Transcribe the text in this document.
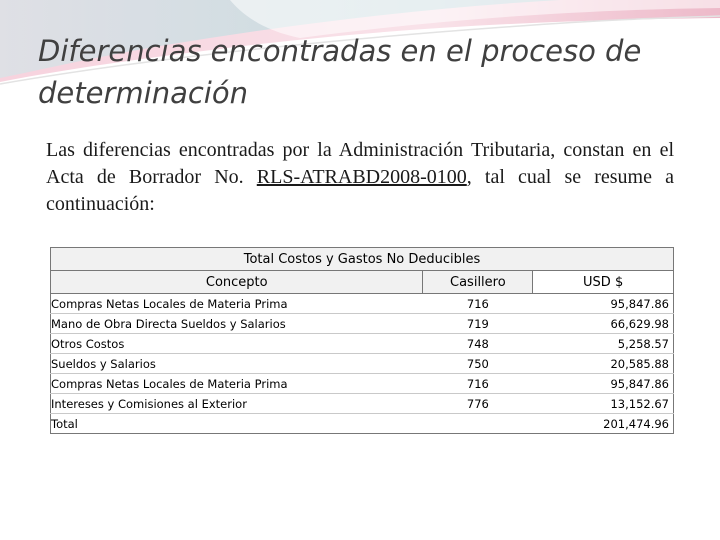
Diferencias encontradas en el proceso de determinación

Las diferencias encontradas por la Administración Tributaria, constan en el Acta de Borrador No. RLS-ATRABD2008-0100, tal cual se resume a continuación:

Total Costos y Gastos No Deducibles		
Concepto	Casillero	USD $
Compras Netas Locales de Materia Prima	716	95,847.86
Mano de Obra Directa Sueldos y Salarios	719	66,629.98
Otros Costos	748	5,258.57
Sueldos y Salarios	750	20,585.88
Compras Netas Locales de Materia Prima	716	95,847.86
Intereses y Comisiones al Exterior	776	13,152.67
Total		201,474.96
